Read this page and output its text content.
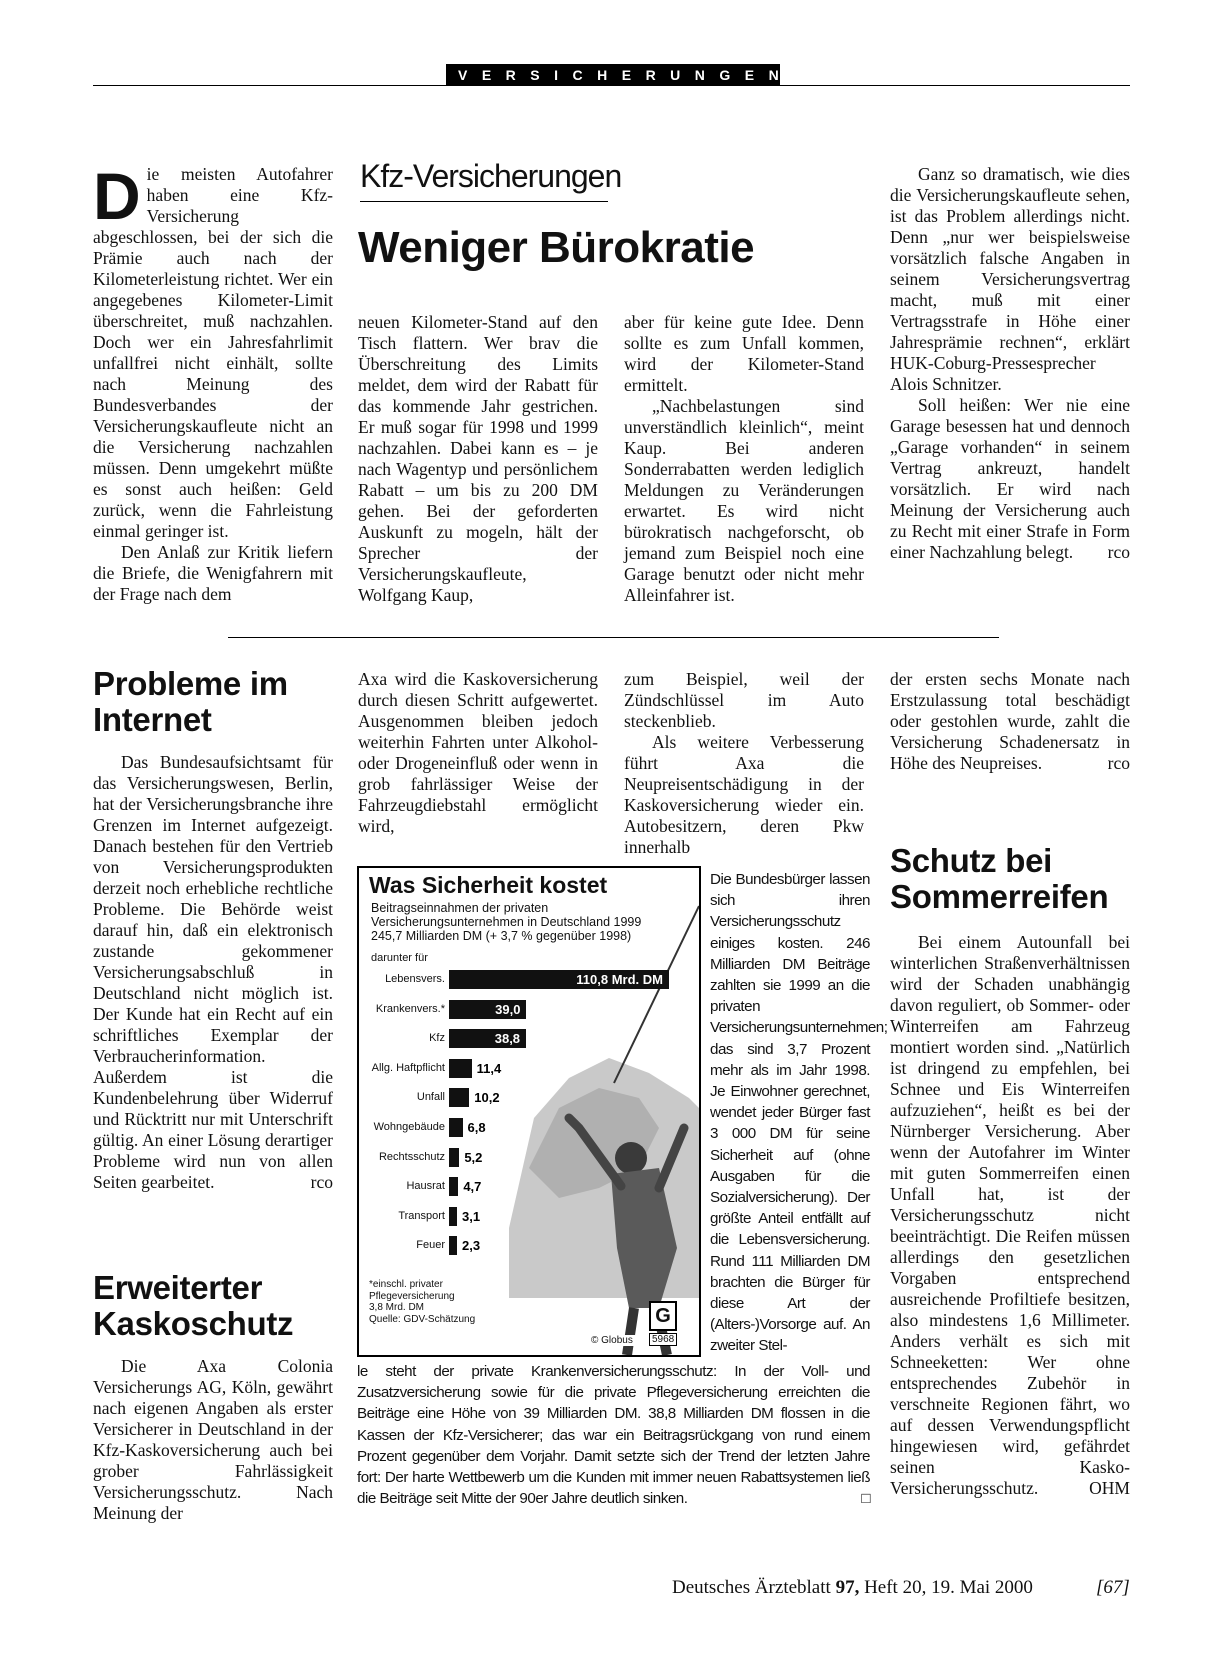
VERSICHERUNGEN
Kfz-Versicherungen
Weniger Bürokratie

Die meisten Autofahrer haben eine Kfz-Versicherung abgeschlossen, bei der sich die Prämie auch nach der Kilometerleistung richtet. Wer ein angegebenes Kilometer-Limit überschreitet, muß nachzahlen. Doch wer ein Jahresfahrlimit unfallfrei nicht einhält, sollte nach Meinung des Bundesverbandes der Versicherungskaufleute nicht an die Versicherung nachzahlen müssen. Denn umgekehrt müßte es sonst auch heißen: Geld zurück, wenn die Fahrleistung einmal geringer ist.

Den Anlaß zur Kritik liefern die Briefe, die Wenigfahrern mit der Frage nach dem

neuen Kilometer-Stand auf den Tisch flattern. Wer brav die Überschreitung des Limits meldet, dem wird der Rabatt für das kommende Jahr gestrichen. Er muß sogar für 1998 und 1999 nachzahlen. Dabei kann es – je nach Wagentyp und persönlichem Rabatt – um bis zu 200 DM gehen. Bei der geforderten Auskunft zu mogeln, hält der Sprecher der Versicherungskaufleute, Wolfgang Kaup,

aber für keine gute Idee. Denn sollte es zum Unfall kommen, wird der Kilometer-Stand ermittelt.

„Nachbelastungen sind unverständlich kleinlich“, meint Kaup. Bei anderen Sonderrabatten werden lediglich Meldungen zu Veränderungen erwartet. Es wird nicht bürokratisch nachgeforscht, ob jemand zum Beispiel noch eine Garage benutzt oder nicht mehr Alleinfahrer ist.

Ganz so dramatisch, wie dies die Versicherungskaufleute sehen, ist das Problem allerdings nicht. Denn „nur wer beispielsweise vorsätzlich falsche Angaben in seinem Versicherungsvertrag macht, muß mit einer Vertragsstrafe in Höhe einer Jahresprämie rechnen“, erklärt HUK-Coburg-Pressesprecher Alois Schnitzer.

Soll heißen: Wer nie eine Garage besessen hat und dennoch „Garage vorhanden“ in seinem Vertrag ankreuzt, handelt vorsätzlich. Er wird nach Meinung der Versicherung auch zu Recht mit einer Strafe in Form einer Nachzahlung belegt.	rco

Probleme im
Internet

Das Bundesaufsichtsamt für das Versicherungswesen, Berlin, hat der Versicherungsbranche ihre Grenzen im Internet aufgezeigt. Danach bestehen für den Vertrieb von Versicherungsprodukten derzeit noch erhebliche rechtliche Probleme. Die Behörde weist darauf hin, daß ein elektronisch zustande gekommener Versicherungsabschluß in Deutschland nicht möglich ist. Der Kunde hat ein Recht auf ein schriftliches Exemplar der Verbraucherinformation. Außerdem ist die Kundenbelehrung über Widerruf und Rücktritt nur mit Unterschrift gültig. An einer Lösung derartiger Probleme wird nun von allen Seiten gearbeitet.	rco

Erweiterter
Kaskoschutz

Die Axa Colonia Versicherungs AG, Köln, gewährt nach eigenen Angaben als erster Versicherer in Deutschland in der Kfz-Kaskoversicherung auch bei grober Fahrlässigkeit Versicherungsschutz. Nach Meinung der

Axa wird die Kaskoversicherung durch diesen Schritt aufgewertet. Ausgenommen bleiben jedoch weiterhin Fahrten unter Alkohol- oder Drogeneinfluß oder wenn in grob fahrlässiger Weise der Fahrzeugdiebstahl ermöglicht wird,

zum Beispiel, weil der Zündschlüssel im Auto steckenblieb.

Als weitere Verbesserung führt Axa die Neupreisentschädigung in der Kaskoversicherung wieder ein. Autobesitzern, deren Pkw innerhalb

der ersten sechs Monate nach Erstzulassung total beschädigt oder gestohlen wurde, zahlt die Versicherung Schadenersatz in Höhe des Neupreises.	rco

Schutz bei
Sommerreifen

Bei einem Autounfall bei winterlichen Straßenverhältnissen wird der Schaden unabhängig davon reguliert, ob Sommer- oder Winterreifen am Fahrzeug montiert worden sind. „Natürlich ist dringend zu empfehlen, bei Schnee und Eis Winterreifen aufzuziehen“, heißt es bei der Nürnberger Versicherung. Aber wenn der Autofahrer im Winter mit guten Sommerreifen einen Unfall hat, ist der Versicherungsschutz nicht beeinträchtigt. Die Reifen müssen allerdings den gesetzlichen Vorgaben entsprechend ausreichende Profiltiefe besitzen, also mindestens 1,6 Millimeter. Anders verhält es sich mit Schneeketten: Wer ohne entsprechendes Zubehör in verschneite Regionen fährt, wo auf dessen Verwendungspflicht hingewiesen wird, gefährdet seinen Kasko-Versicherungsschutz.	OHM

Was Sicherheit kostet
Beitragseinnahmen der privaten
Versicherungsunternehmen in Deutschland 1999
245,7 Milliarden DM (+ 3,7 % gegenüber 1998)
darunter für
Lebensvers.	110,8 Mrd. DM
Krankenvers.*	39,0
Kfz	38,8
Allg. Haftpflicht 11,4
Unfall 10,2
Wohngebäude 6,8
Rechtsschutz 5,2
Hausrat 4,7
Transport 3,1
Feuer 2,3
*einschl. privater
Pflegeversicherung
3,8 Mrd. DM
Quelle: GDV-Schätzung	G
© Globus	5968

Die Bundesbürger lassen sich ihren Versicherungsschutz einiges kosten. 246 Milliarden DM Beiträge zahlten sie 1999 an die privaten Versicherungsunternehmen; das sind 3,7 Prozent mehr als im Jahr 1998. Je Einwohner gerechnet, wendet jeder Bürger fast 3 000 DM für seine Sicherheit auf (ohne Ausgaben für die Sozialversicherung). Der größte Anteil entfällt auf die Lebensversicherung. Rund 111 Milliarden DM brachten die Bürger für diese Art der (Alters-)Vorsorge auf. An zweiter Stel-

le steht der private Krankenversicherungsschutz: In der Voll- und Zusatzversicherung sowie für die private Pflegeversicherung erreichten die Beiträge eine Höhe von 39 Milliarden DM. 38,8 Milliarden DM flossen in die Kassen der Kfz-Versicherer; das war ein Beitragsrückgang von rund einem Prozent gegenüber dem Vorjahr. Damit setzte sich der Trend der letzten Jahre fort: Der harte Wettbewerb um die Kunden mit immer neuen Rabattsystemen ließ die Beiträge seit Mitte der 90er Jahre deutlich sinken.	□

Deutsches Ärzteblatt 97, Heft 20, 19. Mai 2000	[67]
